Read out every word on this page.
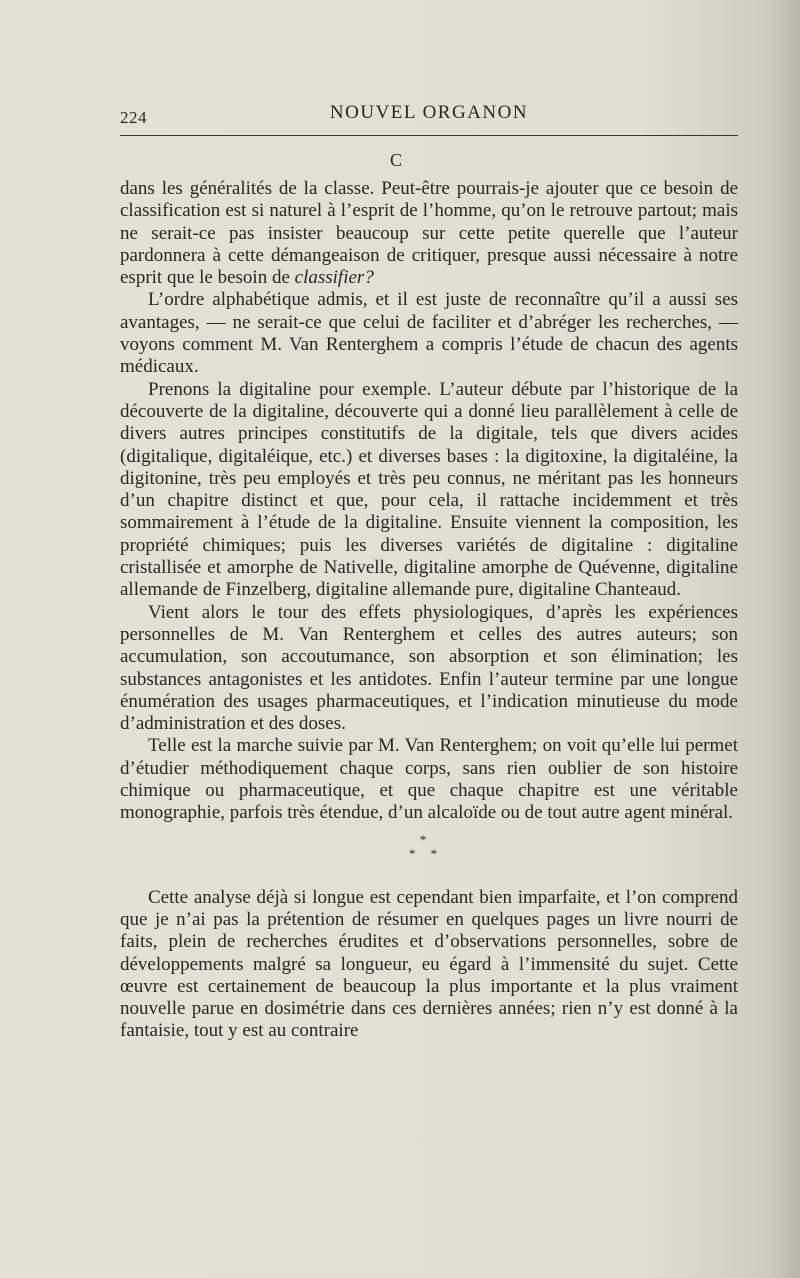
224	NOUVEL ORGANON
C

dans les généralités de la classe. Peut-être pourrais-je ajouter que ce besoin de classification est si naturel à l’esprit de l’homme, qu’on le retrouve partout; mais ne serait-ce pas insister beaucoup sur cette petite querelle que l’auteur pardonnera à cette démangeaison de critiquer, presque aussi nécessaire à notre esprit que le besoin de classifier?

L’ordre alphabétique admis, et il est juste de reconnaître qu’il a aussi ses avantages, — ne serait-ce que celui de faciliter et d’abréger les recherches, — voyons comment M. Van Renterghem a compris l’étude de chacun des agents médicaux.

Prenons la digitaline pour exemple. L’auteur débute par l’historique de la découverte de la digitaline, découverte qui a donné lieu parallèlement à celle de divers autres principes constitutifs de la digitale, tels que divers acides (digitalique, digitaléique, etc.) et diverses bases : la digitoxine, la digitaléine, la digitonine, très peu employés et très peu connus, ne méritant pas les honneurs d’un chapitre distinct et que, pour cela, il rattache incidemment et très sommairement à l’étude de la digitaline. Ensuite viennent la composition, les propriété chimiques; puis les diverses variétés de digitaline : digitaline cristallisée et amorphe de Nativelle, digitaline amorphe de Quévenne, digitaline allemande de Finzelberg, digitaline allemande pure, digitaline Chanteaud.

Vient alors le tour des effets physiologiques, d’après les expériences personnelles de M. Van Renterghem et celles des autres auteurs; son accumulation, son accoutumance, son absorption et son élimination; les substances antagonistes et les antidotes. Enfin l’auteur termine par une longue énumération des usages pharmaceutiques, et l’indication minutieuse du mode d’administration et des doses.

Telle est la marche suivie par M. Van Renterghem; on voit qu’elle lui permet d’étudier méthodiquement chaque corps, sans rien oublier de son histoire chimique ou pharmaceutique, et que chaque chapitre est une véritable monographie, parfois très étendue, d’un alcaloïde ou de tout autre agent minéral.

*
* *

Cette analyse déjà si longue est cependant bien imparfaite, et l’on comprend que je n’ai pas la prétention de résumer en quelques pages un livre nourri de faits, plein de recherches érudites et d’observations personnelles, sobre de développements malgré sa longueur, eu égard à l’immensité du sujet. Cette œuvre est certainement de beaucoup la plus importante et la plus vraiment nouvelle parue en dosimétrie dans ces dernières années; rien n’y est donné à la fantaisie, tout y est au contraire
